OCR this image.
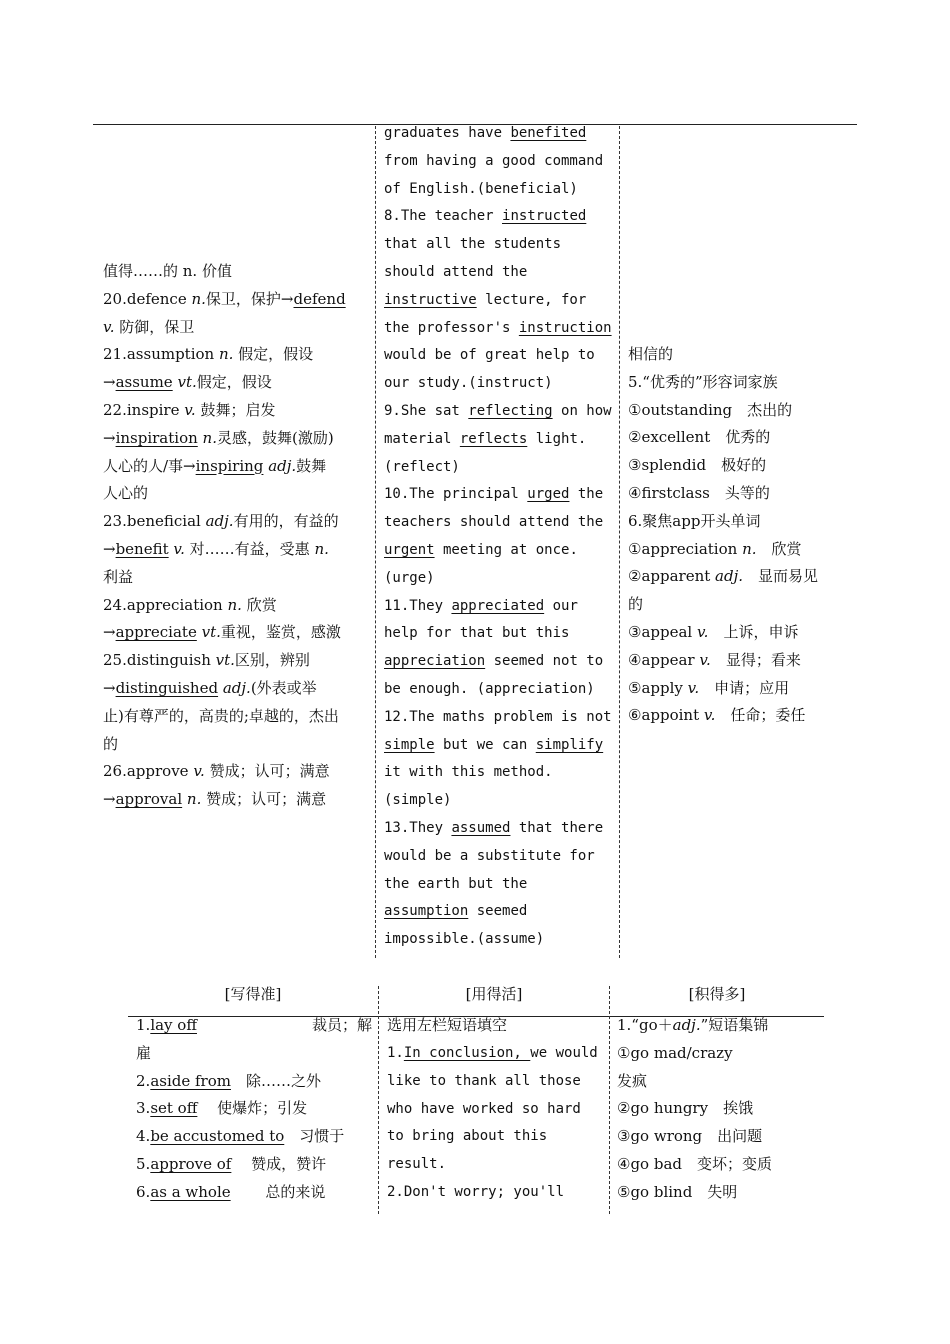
值得……的 n. 价值
20.defence n.保卫，保护→defend
v. 防御，保卫
21.assumption n. 假定，假设
→assume vt.假定，假设
22.inspire v. 鼓舞；启发
→inspiration n.灵感，鼓舞(激励)
人心的人/事→inspiring adj.鼓舞
人心的
23.beneficial adj.有用的，有益的
→benefit v. 对……有益，受惠 n.
利益
24.appreciation n. 欣赏
→appreciate vt.重视，鉴赏，感激
25.distinguish vt.区别，辨别
→distinguished adj.(外表或举
止)有尊严的，高贵的;卓越的，杰出
的
26.approve v. 赞成；认可；满意
→approval n. 赞成；认可；满意
graduates have benefited
from having a good command
of English.(beneficial)
8.The teacher instructed
that all the students
should attend the
instructive lecture, for
the professor's instruction
would be of great help to
our study.(instruct)
9.She sat reflecting on how
material reflects light.
(reflect)
10.The principal urged the
teachers should attend the
urgent meeting at once.
(urge)
11.They appreciated our
help for that but this
appreciation seemed not to
be enough. (appreciation)
12.The maths problem is not
simple but we can simplify
it with this method.
(simple)
13.They assumed that there
would be a substitute for
the earth but the
assumption seemed
impossible.(assume)
相信的
5.“优秀的”形容词家族
①outstanding　杰出的
②excellent　优秀的
③splendid　极好的
④firstclass　头等的
6.聚焦app开头单词
①appreciation n.　欣赏
②apparent adj.　显而易见
的
③appeal v.　上诉，申诉
④appear v.　显得；看来
⑤apply v.　申请；应用
⑥appoint v.　任命；委任
[写得准]	[用得活]	[积得多]
1.lay off	裁员；解
雇
2.aside from　 除……之外
3.set off　 使爆炸；引发
4.be accustomed to　 习惯于
5.approve of　 赞成，赞许
6.as a whole　　 总的来说
选用左栏短语填空
1.In conclusion, we would
like to thank all those
who have worked so hard
to bring about this
result.
2.Don't worry; you'll
1.“go＋adj.”短语集锦
①go mad/crazy
发疯
②go hungry　挨饿
③go wrong　出问题
④go bad　变坏；变质
⑤go blind　失明
